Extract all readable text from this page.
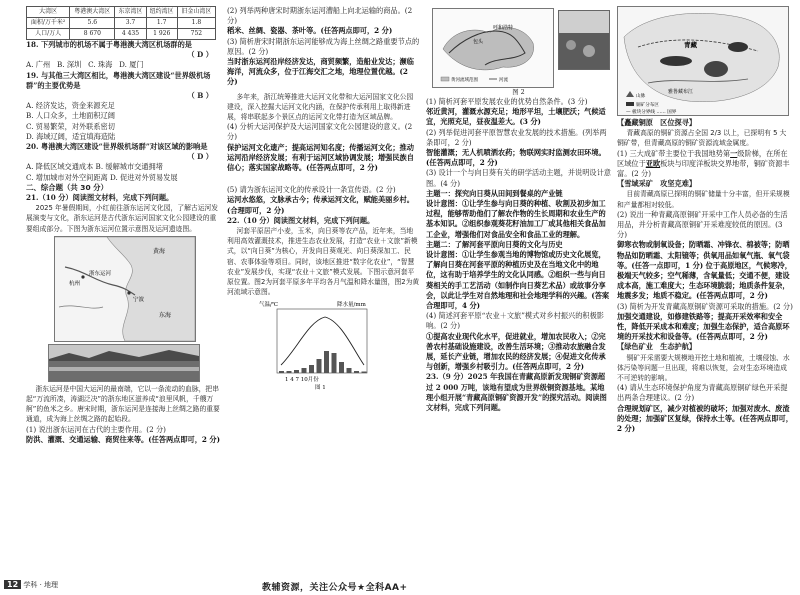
大湾区	粤港澳大湾区	东京湾区	纽约湾区	旧金山湾区
面积/万千米²	5.6	3.7	1.7	1.8
人口/万人	8 670	4 435	1 926	752

18. 下列城市的机场不属于粤港澳大湾区机场群的是

（ D ）

A. 广州 B. 深圳 C. 珠海 D. 厦门

19. 与其他三大湾区相比，粤港澳大湾区建设“世界级机场群”的主要优势是

（ B ）

A. 经济发达，资金来源充足

B. 人口众多，土地面积辽阔

C. 贸易繁荣，对外联系密切

D. 海域辽阔，适宜填海造陆

20. 粤港澳大湾区建设“世界级机场群”对该区域的影响是

（ D ）

A. 降低区域交通成本 B. 缓解城市交通拥堵

C. 增加城市对外空间距离 D. 促进对外贸易发展

二、综合题（共 30 分）

21.（10 分）阅读图文材料，完成下列问题。

2025 年暑假期间，小红前往浙东运河文化园，了解古运河发展演变与文化，浙东运河是古代浙东运河国家文化公园建设的重要组成部分。下图为浙东运河位置示意图及运河遗迹图。

黄海
浙东运河
杭州
宁波
东海

浙东运河是中国大运河的最南端，它以一条流动的血脉，把串起“万流所凑，涛湖泛决”的浙东地区滋养成“浪里风帆，千艘万舸”的鱼米之乡。唐宋时期，浙东运河是连接海上丝绸之路的重要通道，成为海上丝绸之路的起始段。

(1) 说出浙东运河在古代的主要作用。(2 分)

防洪、灌溉、交通运输、商贸往来等。(任答两点即可，2 分)

(2) 列举两种唐宋时期浙东运河漕船上向北运输的商品。(2 分)

稻米、丝绸、瓷器、茶叶等。(任答两点即可，2 分)

(3) 简析唐宋时期浙东运河能够成为海上丝绸之路重要节点的原因。(2 分)

当时浙东运河沿岸经济发达，商贸频繁，造船业发达；濒临海洋，河流众多，位于江海交汇之地，地理位置优越。(2 分)

多年来，浙江统筹推进大运河文化带和大运河国家文化公园建设，深入挖掘大运河文化内涵，在保护传承利用上取得新进展，将串联起多个景区点的运河文化带打造为区域品牌。

(4) 分析大运河保护及大运河国家文化公园建设的意义。(2 分)

保护运河文化遗产；提高运河知名度；传播运河文化；推动运河沿岸经济发展；有利于运河区域协调发展；增强民族自信心；落实国家战略等。(任答两点即可，2 分)

(5) 请为浙东运河文化的传承设计一条宣传语。(2 分)

运河水悠悠，文脉承古今；传承运河文化，赋能美丽乡村。(合理即可，2 分)

22.（10 分）阅读图文材料，完成下列问题。

河套平原居产小麦，玉米，向日葵等农产品，近年来，当地利用高效灌溉技术，推进生态农业发展，打造“农业＋文旅”新模式，以“向日葵”为核心，开发向日葵观光、向日葵深加工、民宿、农事体验等项目。同时，该地区推进“数字化农业”，“智慧农业”发展步伐，实现“农业＋文旅”模式发展。下图示意河套平原位置。图2为河套平原多年平均各月气温和降水量图，图2为黄河流域示意图。

气温/℃	降水量/mm
1 4 7 10月份
图 1
呼和浩特
包头
黄河流域范围	河流

图 2

(1) 简析河套平原发展农业的优势自然条件。(3 分)

邻近黄河，灌溉水源充足；地形平坦，土壤肥沃；气候适宜，光照充足，昼夜温差大。(3 分)

(2) 列举促进河套平原智慧农业发展的技术措施。(列举两条即可，2 分)

智能灌溉；无人机喷洒农药；物联网实时监测农田环境。(任答两点即可，2 分)

(3) 设计一个与向日葵有关的研学活动主题，并说明设计意图。(4 分)

主题一：探究向日葵从田间到餐桌的产业链
设计意图：①让学生参与向日葵的种植、收割及初步加工过程，能够帮助他们了解农作物的生长周期和农业生产的基本知识。②组织参观葵花籽油加工厂或其他相关食品加工企业，增强他们对食品安全和食品工业的理解。
主题二：了解河套平原向日葵的文化与历史
设计意图：①让学生参观当地的博物馆或历史文化展览，了解向日葵在河套平原的种植历史及在当地文化中的地位，这有助于培养学生的文化认同感。②组织一些与向日葵相关的手工艺活动（如制作向日葵艺术品）或故事分享会，以此让学生对自然地理和社会地理学科的兴趣。(答案合理即可，4 分)

(4) 简述河套平原“农业＋文旅”模式对乡村振兴的积极影响。(2 分)

①提高农业现代化水平，促进就业，增加农民收入；②完善农村基础设施建设，改善生活环境；③推动农旅融合发展，延长产业链，增加农民的经济发展；④促进文化传承与创新，增强乡村吸引力。(任答两点即可，2 分)

23.（9 分）2025 年我国在青藏高原新发现铜矿资源超过 2 000 万吨，该地有望成为世界级铜资源基地。某地理小组开展“青藏高原铜矿资源开发”的探究活动。阅读图文材料，完成下列问题。

青藏
雅鲁藏布江
山脉
铜矿分布区
— 板块分界线 …… 国界

【矗藏铜原　区位探寻】

青藏高原的铜矿资源占全国 2/3 以上，已探明有 5 大铜矿带，但青藏高原的铜矿资源流域金属度。

(1) 三大成矿带主要位于我国地势第一级阶梯，在所在区域位于亚欧板块与印度洋板块交界地带，铜矿资源丰富。(2 分)

【雪域采矿　攻坚克难】

目前青藏高原已探明的铜矿储量十分丰富，但开采规模和产量都相对较低。

(2) 说出一种青藏高原铜矿开采中工作人员必备的生活用品，并分析青藏高原铜矿开采难度较低的原因。(3 分)

御寒衣物或制氧设备；防晒霜、冲锋衣、棉被等；防晒物品如防晒霜、太阳镜等；供氧用品如氧气瓶、氧气袋等。(任答一点即可，1 分) 位于高原地区，气候寒冷，极端天气较多；空气稀薄，含氧量低；交通不便，建设成本高，施工难度大；生态环境脆弱；地质条件复杂，地震多发；地质不稳定。(任答两点即可，2 分)

(3) 简析为开发青藏高原铜矿资源可采取的措施。(2 分)

加强交通建设，如修建铁路等；提高开采效率和安全性，降低开采成本和难度；加强生态保护，适合高原环境的开采技术和设备等。(任答两点即可，2 分)

【绿色矿业　生态护航】

铜矿开采需要大规模地开挖土地和植被，土壤侵蚀、水体污染等问题一旦出现，将难以恢复，会对生态环境造成不可逆转的影响。

(4) 请从生态环境保护角度为青藏高原铜矿绿色开采提出两条合理建议。(2 分)

合理规划矿区，减少对植被的破坏；加强对废水、废渣的处理；加强矿区复绿，保持水土等。(任答两点即可，2 分)

12 学科 · 地理	教辅资源，关注公众号★全科AA+
